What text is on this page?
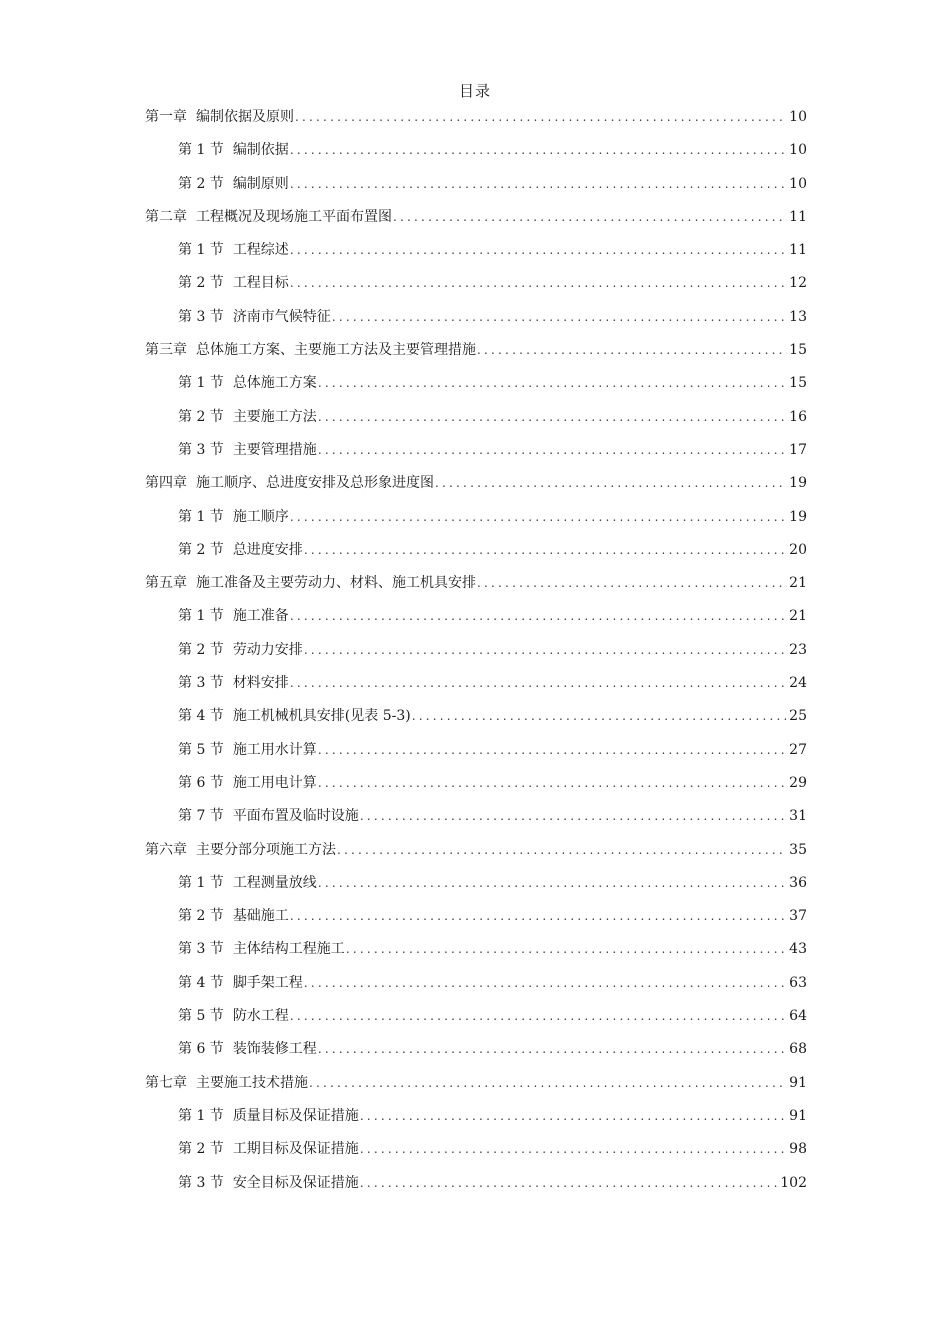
目录
第一章 编制依据及原则 .....	10
第 1 节 编制依据 .....	10
第 2 节 编制原则 .....	10
第二章 工程概况及现场施工平面布置图 .....	11
第 1 节 工程综述 .....	11
第 2 节 工程目标 .....	12
第 3 节 济南市气候特征 .....	13
第三章 总体施工方案、主要施工方法及主要管理措施 .....	15
第 1 节 总体施工方案 .....	15
第 2 节 主要施工方法 .....	16
第 3 节 主要管理措施 .....	17
第四章 施工顺序、总进度安排及总形象进度图 .....	19
第 1 节 施工顺序 .....	19
第 2 节 总进度安排 .....	20
第五章 施工准备及主要劳动力、材料、施工机具安排 .....	21
第 1 节 施工准备 .....	21
第 2 节 劳动力安排 .....	23
第 3 节 材料安排 .....	24
第 4 节 施工机械机具安排(见表 5-3) .....	25
第 5 节 施工用水计算 .....	27
第 6 节 施工用电计算 .....	29
第 7 节 平面布置及临时设施 .....	31
第六章 主要分部分项施工方法 .....	35
第 1 节 工程测量放线 .....	36
第 2 节 基础施工 .....	37
第 3 节 主体结构工程施工 .....	43
第 4 节 脚手架工程 .....	63
第 5 节 防水工程 .....	64
第 6 节 装饰装修工程 .....	68
第七章 主要施工技术措施 .....	91
第 1 节 质量目标及保证措施 .....	91
第 2 节 工期目标及保证措施 .....	98
第 3 节 安全目标及保证措施 .....	102
